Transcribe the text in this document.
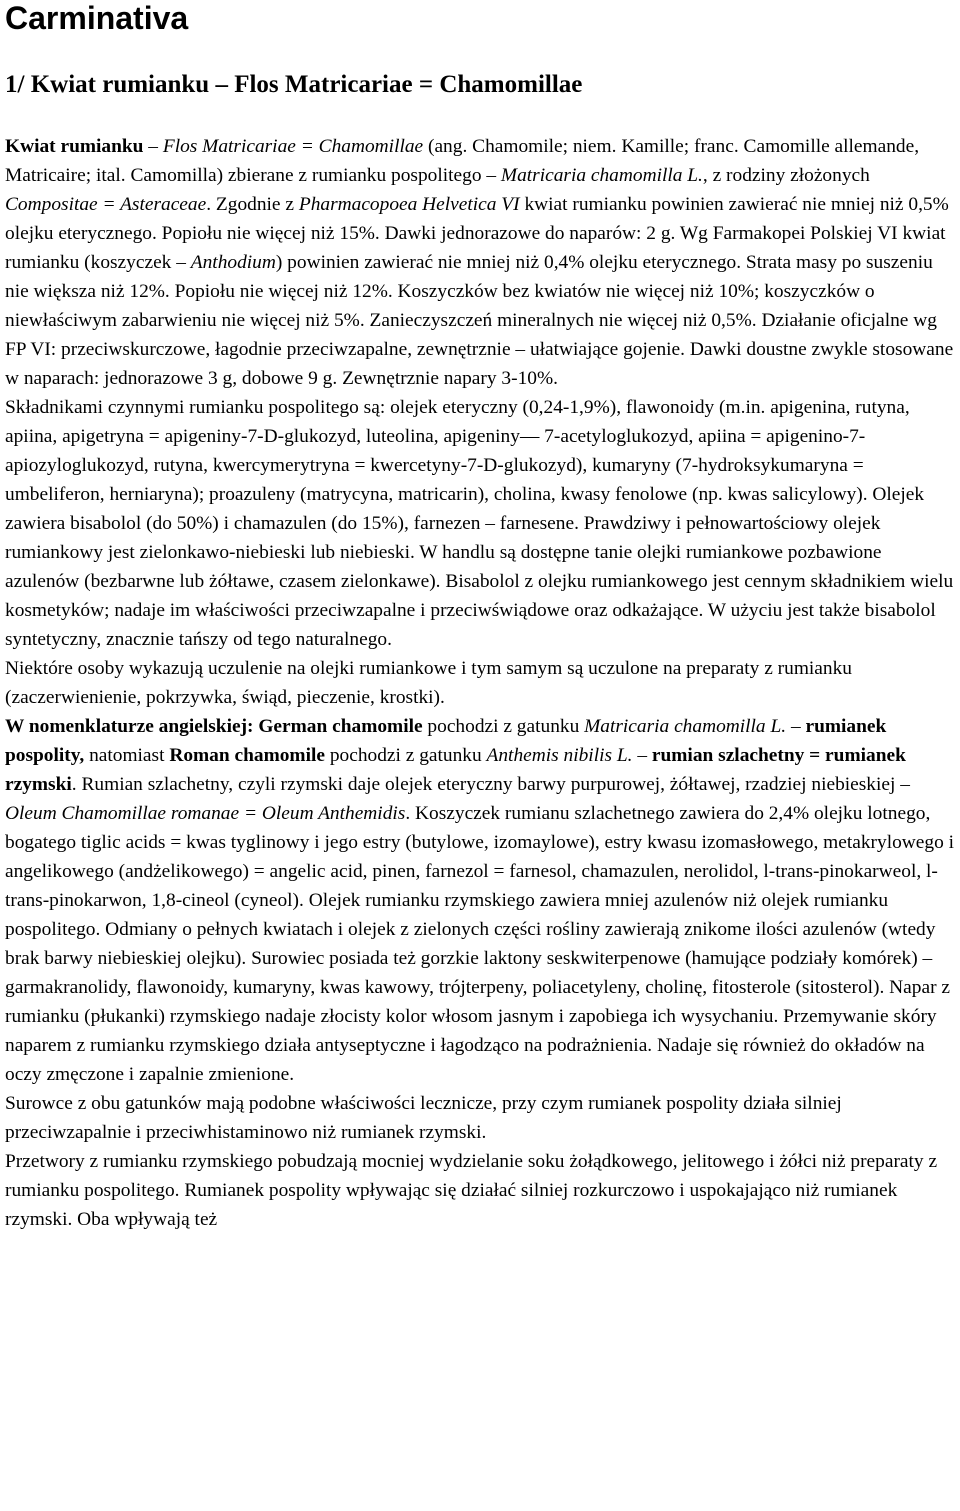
Carminativa
1/ Kwiat rumianku – Flos Matricariae = Chamomillae

Kwiat rumianku – Flos Matricariae = Chamomillae (ang. Chamomile; niem. Kamille; franc. Camomille allemande, Matricaire; ital. Camomilla) zbierane z rumianku pospolitego – Matricaria chamomilla L., z rodziny złożonych Compositae = Asteraceae. Zgodnie z Pharmacopoea Helvetica VI kwiat rumianku powinien zawierać nie mniej niż 0,5% olejku eterycznego. Popiołu nie więcej niż 15%. Dawki jednorazowe do naparów: 2 g. Wg Farmakopei Polskiej VI kwiat rumianku (koszyczek – Anthodium) powinien zawierać nie mniej niż 0,4% olejku eterycznego. Strata masy po suszeniu nie większa niż 12%. Popiołu nie więcej niż 12%. Koszyczków bez kwiatów nie więcej niż 10%; koszyczków o niewłaściwym zabarwieniu nie więcej niż 5%. Zanieczyszczeń mineralnych nie więcej niż 0,5%. Działanie oficjalne wg FP VI: przeciwskurczowe, łagodnie przeciwzapalne, zewnętrznie – ułatwiające gojenie. Dawki doustne zwykle stosowane w naparach: jednorazowe 3 g, dobowe 9 g. Zewnętrznie napary 3-10%.

Składnikami czynnymi rumianku pospolitego są: olejek eteryczny (0,24-1,9%), flawonoidy (m.in. apigenina, rutyna, apiina, apigetryna = apigeniny-7-D-glukozyd, luteolina, apigeniny— 7-acetyloglukozyd, apiina = apigenino-7-apiozyloglukozyd, rutyna, kwercymerytryna = kwercetyny-7-D-glukozyd), kumaryny (7-hydroksykumaryna = umbeliferon, herniaryna); proazuleny (matrycyna, matricarin), cholina, kwasy fenolowe (np. kwas salicylowy). Olejek zawiera bisabolol (do 50%) i chamazulen (do 15%), farnezen – farnesene. Prawdziwy i pełnowartościowy olejek rumiankowy jest zielonkawo-niebieski lub niebieski. W handlu są dostępne tanie olejki rumiankowe pozbawione azulenów (bezbarwne lub żółtawe, czasem zielonkawe). Bisabolol z olejku rumiankowego jest cennym składnikiem wielu kosmetyków; nadaje im właściwości przeciwzapalne i przeciwświądowe oraz odkażające. W użyciu jest także bisabolol syntetyczny, znacznie tańszy od tego naturalnego.

Niektóre osoby wykazują uczulenie na olejki rumiankowe i tym samym są uczulone na preparaty z rumianku (zaczerwienienie, pokrzywka, świąd, pieczenie, krostki).

W nomenklaturze angielskiej: German chamomile pochodzi z gatunku Matricaria chamomilla L. – rumianek pospolity, natomiast Roman chamomile pochodzi z gatunku Anthemis nibilis L. – rumian szlachetny = rumianek rzymski. Rumian szlachetny, czyli rzymski daje olejek eteryczny barwy purpurowej, żółtawej, rzadziej niebieskiej – Oleum Chamomillae romanae = Oleum Anthemidis. Koszyczek rumianu szlachetnego zawiera do 2,4% olejku lotnego, bogatego tiglic acids = kwas tyglinowy i jego estry (butylowe, izomaylowe), estry kwasu izomasłowego, metakrylowego i angelikowego (andżelikowego) = angelic acid, pinen, farnezol = farnesol, chamazulen, nerolidol, l-trans-pinokarweol, l-trans-pinokarwon, 1,8-cineol (cyneol). Olejek rumianku rzymskiego zawiera mniej azulenów niż olejek rumianku pospolitego. Odmiany o pełnych kwiatach i olejek z zielonych części rośliny zawierają znikome ilości azulenów (wtedy brak barwy niebieskiej olejku). Surowiec posiada też gorzkie laktony seskwiterpenowe (hamujące podziały komórek) – garmakranolidy, flawonoidy, kumaryny, kwas kawowy, trójterpeny, poliacetyleny, cholinę, fitosterole (sitosterol). Napar z rumianku (płukanki) rzymskiego nadaje złocisty kolor włosom jasnym i zapobiega ich wysychaniu. Przemywanie skóry naparem z rumianku rzymskiego działa antyseptyczne i łagodząco na podrażnienia. Nadaje się również do okładów na oczy zmęczone i zapalnie zmienione.

Surowce z obu gatunków mają podobne właściwości lecznicze, przy czym rumianek pospolity działa silniej przeciwzapalnie i przeciwhistaminowo niż rumianek rzymski.

Przetwory z rumianku rzymskiego pobudzają mocniej wydzielanie soku żołądkowego, jelitowego i żółci niż preparaty z rumianku pospolitego. Rumianek pospolity wpływając się działać silniej rozkurczowo i uspokajająco niż rumianek rzymski. Oba wpływają też
